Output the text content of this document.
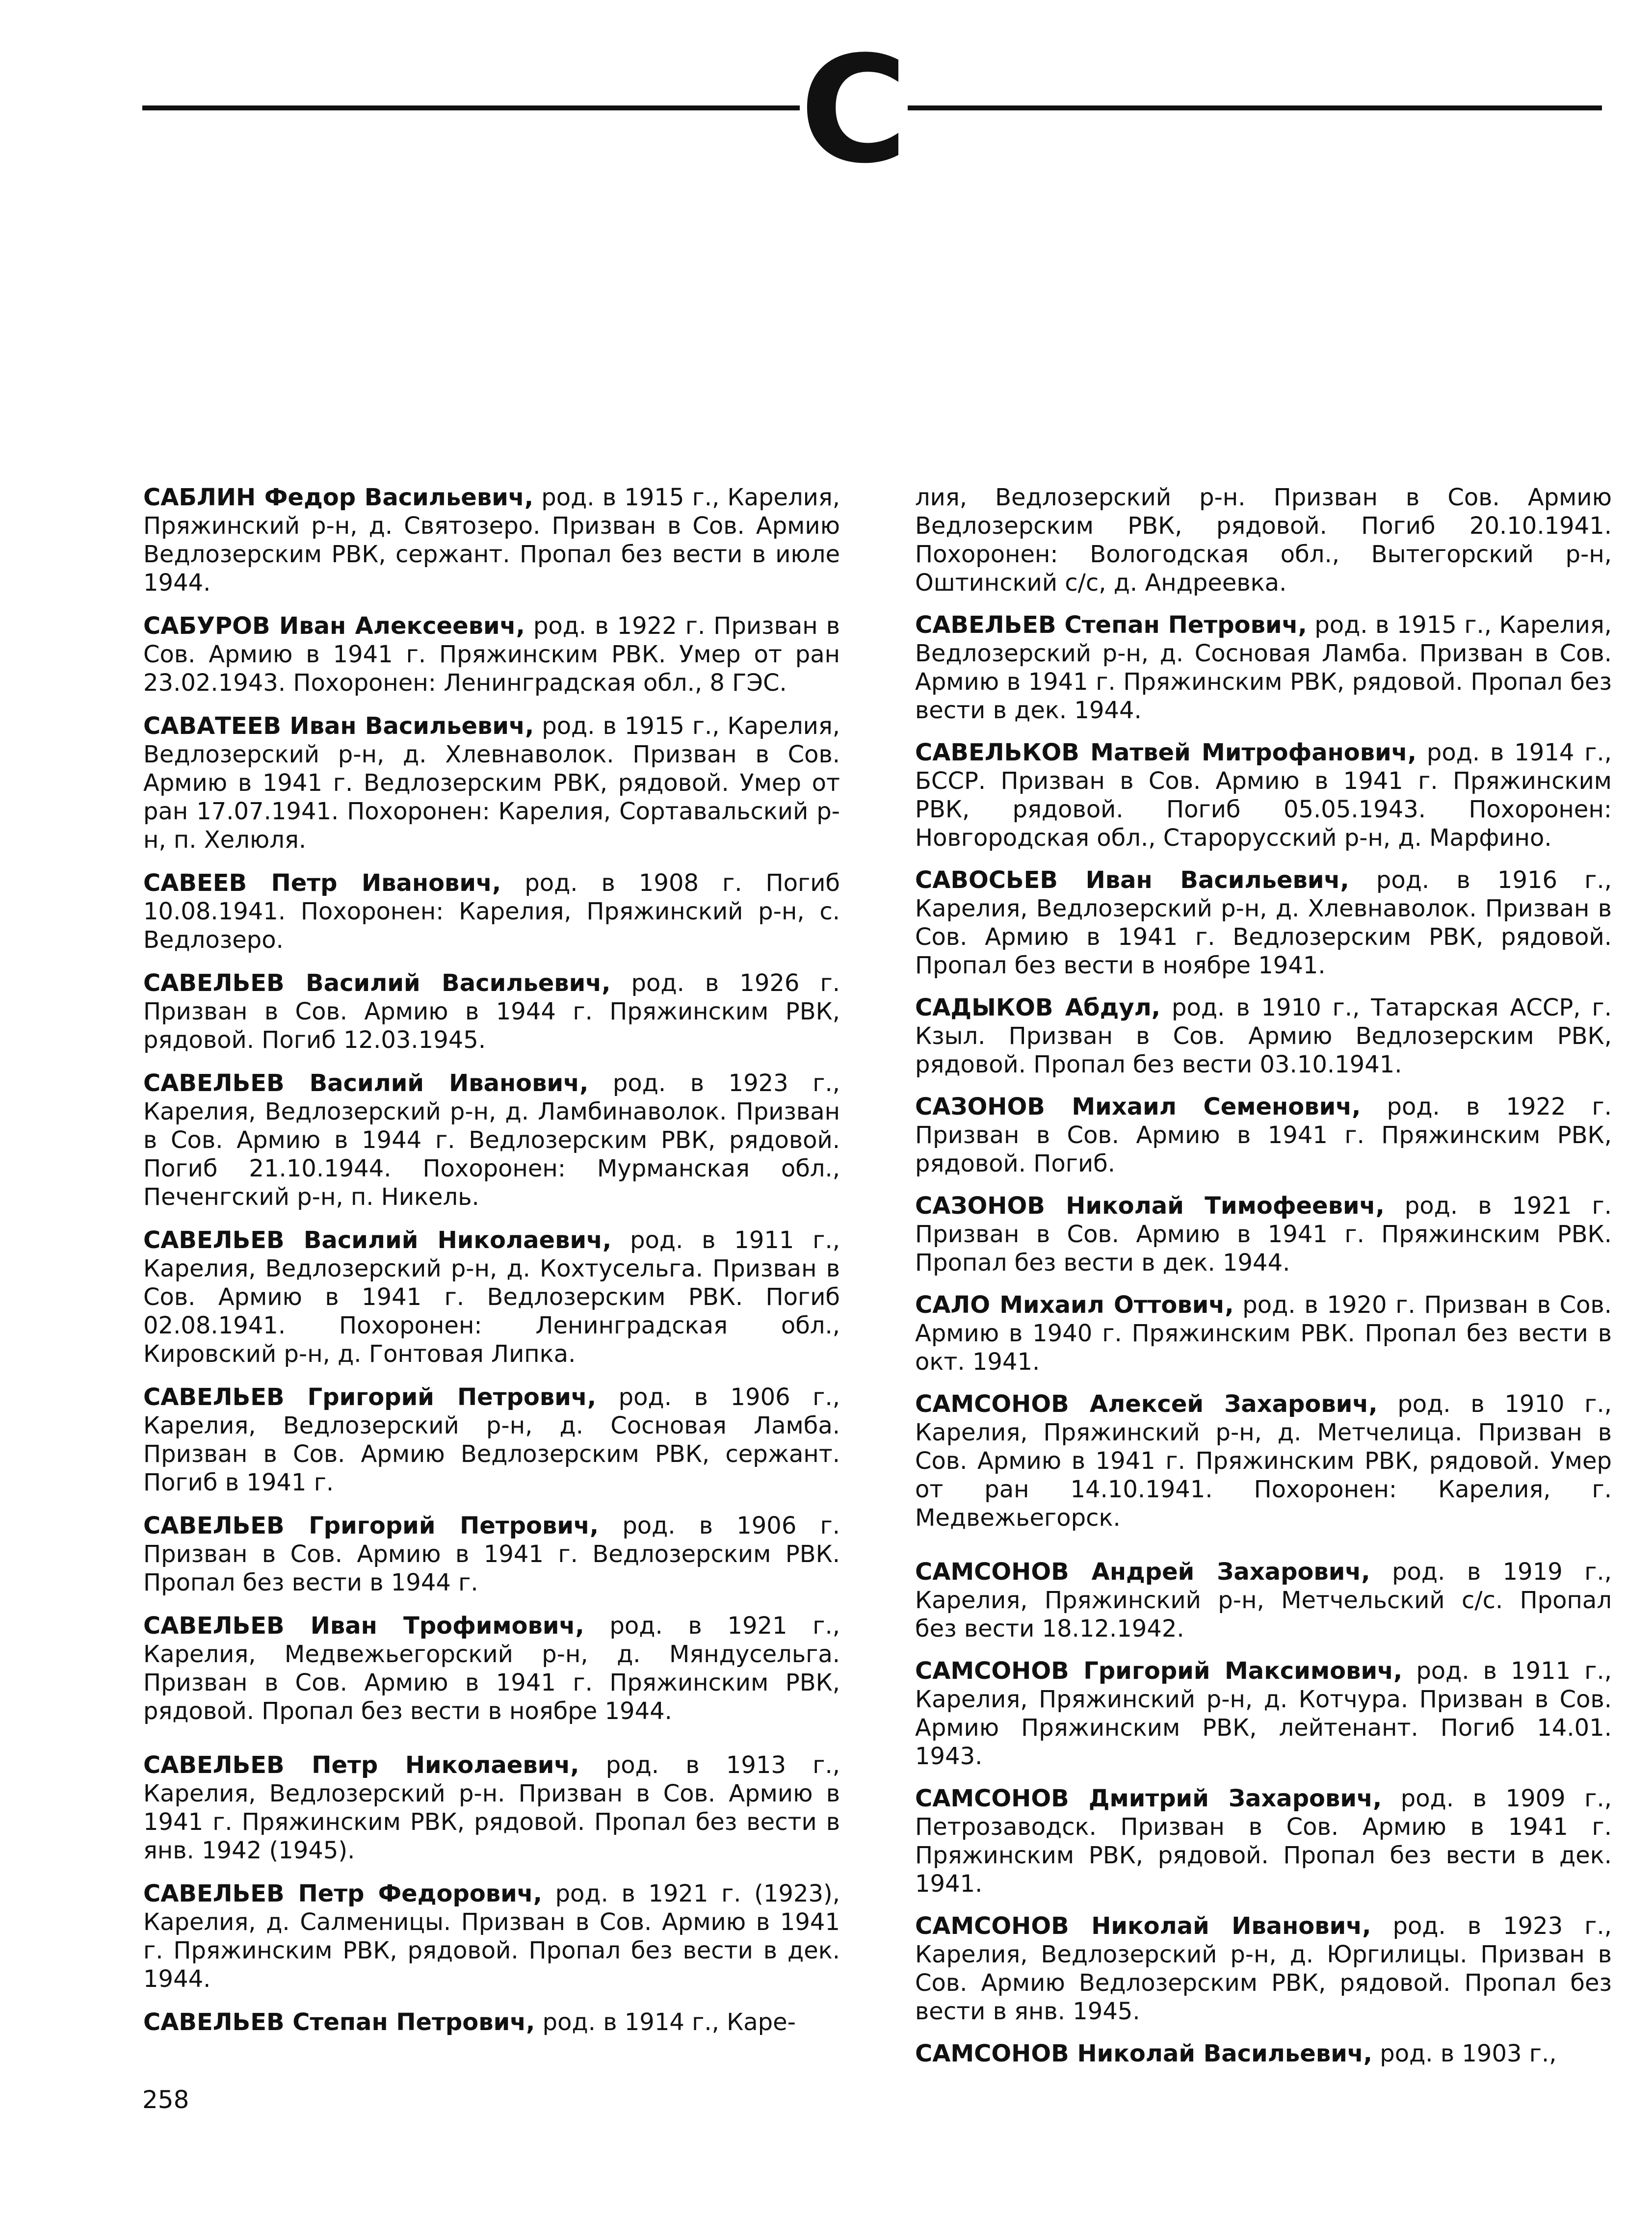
С

САБЛИН Федор Васильевич, род. в 1915 г., Карелия, Пряжинский р-н, д. Святозеро. Призван в Сов. Армию Ведлозерским РВК, сержант. Пропал без вести в июле 1944.

САБУРОВ Иван Алексеевич, род. в 1922 г. Призван в Сов. Армию в 1941 г. Пряжинским РВК. Умер от ран 23.02.1943. Похоронен: Ленинградская обл., 8 ГЭС.

САВАТЕЕВ Иван Васильевич, род. в 1915 г., Карелия, Ведлозерский р-н, д. Хлевнаволок. Призван в Сов. Армию в 1941 г. Ведлозерским РВК, рядовой. Умер от ран 17.07.1941. Похоронен: Карелия, Сортавальский р-н, п. Хелюля.

САВЕЕВ Петр Иванович, род. в 1908 г. Погиб 10.08.1941. Похоронен: Карелия, Пряжинский р-н, с. Ведлозеро.

САВЕЛЬЕВ Василий Васильевич, род. в 1926 г. Призван в Сов. Армию в 1944 г. Пряжинским РВК, рядовой. Погиб 12.03.1945.

САВЕЛЬЕВ Василий Иванович, род. в 1923 г., Карелия, Ведлозерский р-н, д. Ламбинаволок. Призван в Сов. Армию в 1944 г. Ведлозерским РВК, рядовой. Погиб 21.10.1944. Похоронен: Мурманская обл., Печенгский р-н, п. Никель.

САВЕЛЬЕВ Василий Николаевич, род. в 1911 г., Карелия, Ведлозерский р-н, д. Кохтусельга. Призван в Сов. Армию в 1941 г. Ведлозерским РВК. Погиб 02.08.1941. Похоронен: Ленинградская обл., Кировский р-н, д. Гонтовая Липка.

САВЕЛЬЕВ Григорий Петрович, род. в 1906 г., Карелия, Ведлозерский р-н, д. Сосновая Ламба. Призван в Сов. Армию Ведлозерским РВК, сержант. Погиб в 1941 г.

САВЕЛЬЕВ Григорий Петрович, род. в 1906 г. Призван в Сов. Армию в 1941 г. Ведлозерским РВК. Пропал без вести в 1944 г.

САВЕЛЬЕВ Иван Трофимович, род. в 1921 г., Карелия, Медвежьегорский р-н, д. Мяндусельга. Призван в Сов. Армию в 1941 г. Пряжинским РВК, рядовой. Пропал без вести в ноябре 1944.

САВЕЛЬЕВ Петр Николаевич, род. в 1913 г., Карелия, Ведлозерский р-н. Призван в Сов. Армию в 1941 г. Пряжинским РВК, рядовой. Пропал без вести в янв. 1942 (1945).

САВЕЛЬЕВ Петр Федорович, род. в 1921 г. (1923), Карелия, д. Салменицы. Призван в Сов. Армию в 1941 г. Пряжинским РВК, рядовой. Пропал без вести в дек. 1944.

САВЕЛЬЕВ Степан Петрович, род. в 1914 г., Каре-

лия, Ведлозерский р-н. Призван в Сов. Армию Ведлозерским РВК, рядовой. Погиб 20.10.1941. Похоронен: Вологодская обл., Вытегорский р-н, Оштинский с/с, д. Андреевка.

САВЕЛЬЕВ Степан Петрович, род. в 1915 г., Карелия, Ведлозерский р-н, д. Сосновая Ламба. Призван в Сов. Армию в 1941 г. Пряжинским РВК, рядовой. Пропал без вести в дек. 1944.

САВЕЛЬКОВ Матвей Митрофанович, род. в 1914 г., БССР. Призван в Сов. Армию в 1941 г. Пряжинским РВК, рядовой. Погиб 05.05.1943. Похоронен: Новгородская обл., Старорусский р-н, д. Марфино.

САВОСЬЕВ Иван Васильевич, род. в 1916 г., Карелия, Ведлозерский р-н, д. Хлевнаволок. Призван в Сов. Армию в 1941 г. Ведлозерским РВК, рядовой. Пропал без вести в ноябре 1941.

САДЫКОВ Абдул, род. в 1910 г., Татарская АССР, г. Кзыл. Призван в Сов. Армию Ведлозерским РВК, рядовой. Пропал без вести 03.10.1941.

САЗОНОВ Михаил Семенович, род. в 1922 г. Призван в Сов. Армию в 1941 г. Пряжинским РВК, рядовой. Погиб.

САЗОНОВ Николай Тимофеевич, род. в 1921 г. Призван в Сов. Армию в 1941 г. Пряжинским РВК. Пропал без вести в дек. 1944.

САЛО Михаил Оттович, род. в 1920 г. Призван в Сов. Армию в 1940 г. Пряжинским РВК. Пропал без вести в окт. 1941.

САМСОНОВ Алексей Захарович, род. в 1910 г., Карелия, Пряжинский р-н, д. Метчелица. Призван в Сов. Армию в 1941 г. Пряжинским РВК, рядовой. Умер от ран 14.10.1941. Похоронен: Карелия, г. Медвежьегорск.

САМСОНОВ Андрей Захарович, род. в 1919 г., Карелия, Пряжинский р-н, Метчельский с/с. Пропал без вести 18.12.1942.

САМСОНОВ Григорий Максимович, род. в 1911 г., Карелия, Пряжинский р-н, д. Котчура. Призван в Сов. Армию Пряжинским РВК, лейтенант. Погиб 14.01. 1943.

САМСОНОВ Дмитрий Захарович, род. в 1909 г., Петрозаводск. Призван в Сов. Армию в 1941 г. Пряжинским РВК, рядовой. Пропал без вести в дек. 1941.

САМСОНОВ Николай Иванович, род. в 1923 г., Карелия, Ведлозерский р-н, д. Юргилицы. Призван в Сов. Армию Ведлозерским РВК, рядовой. Пропал без вести в янв. 1945.

САМСОНОВ Николай Васильевич, род. в 1903 г.,

258
